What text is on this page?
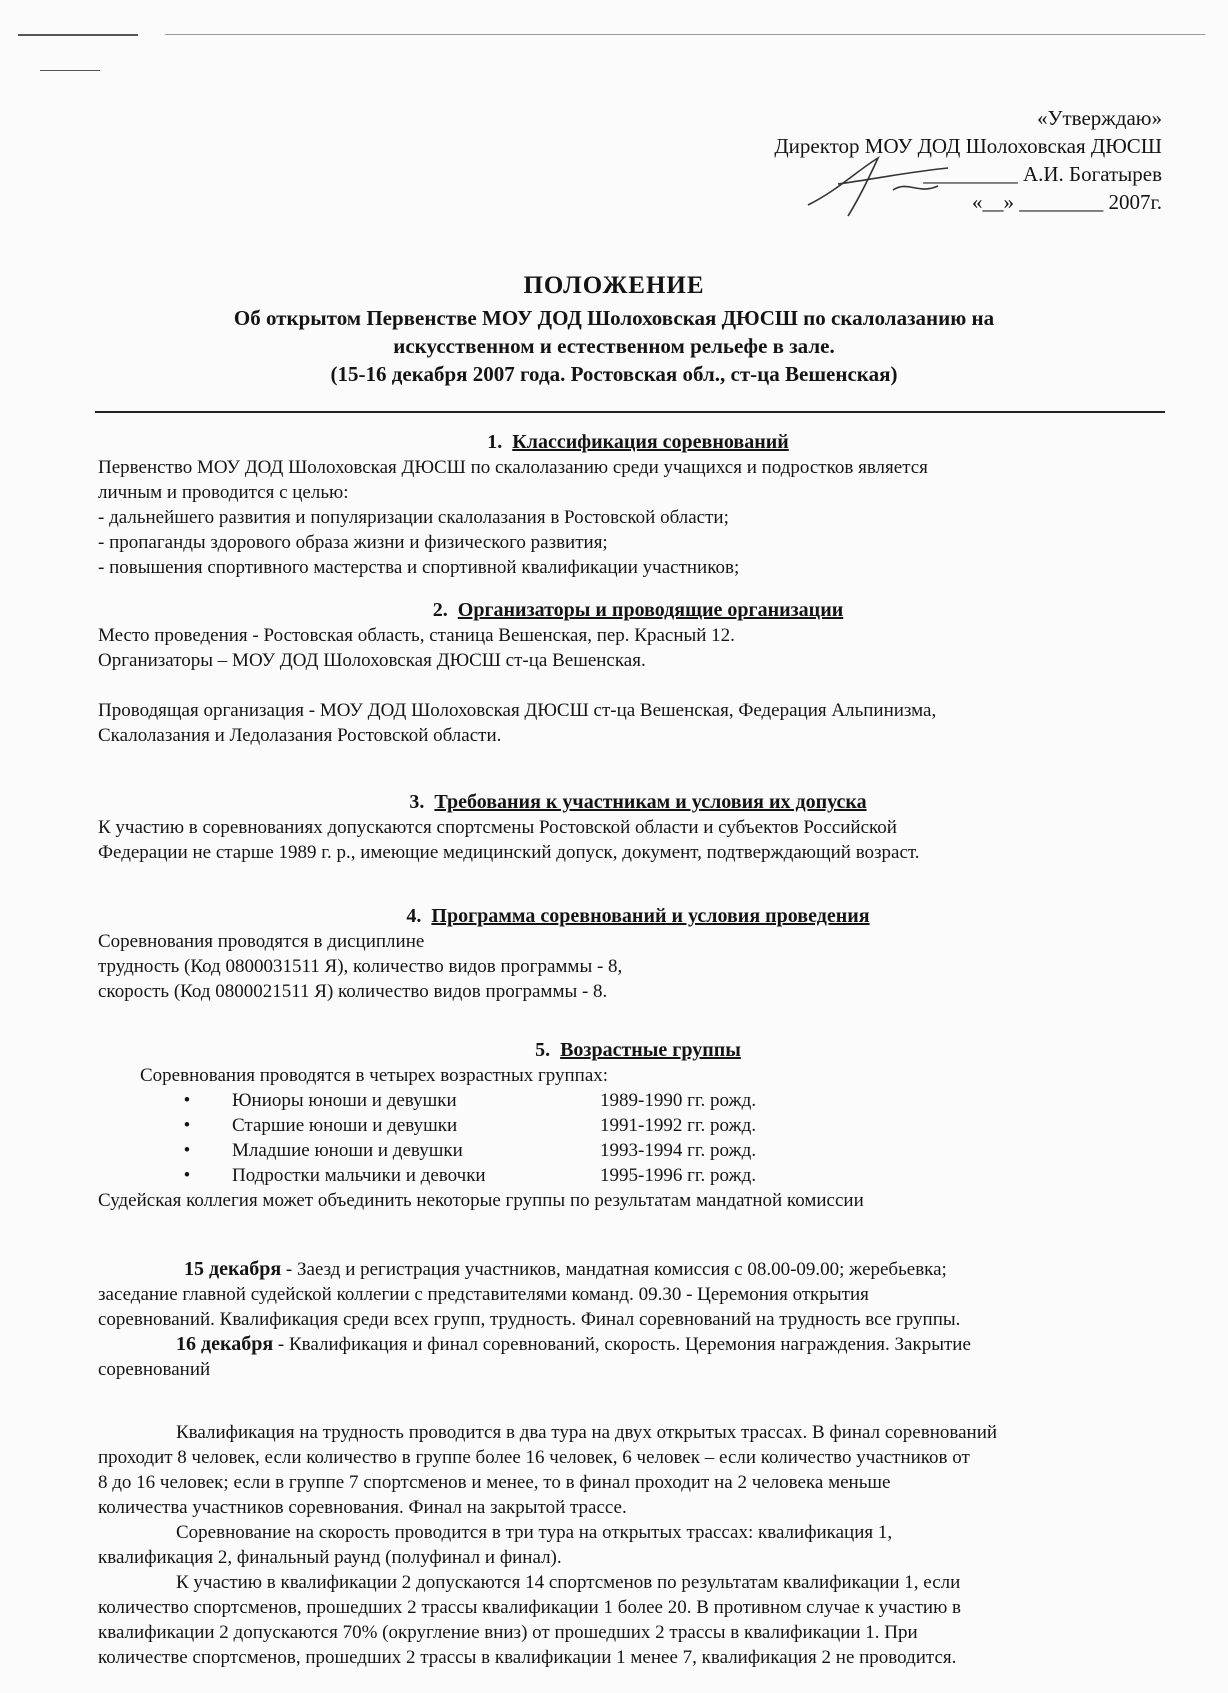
«Утверждаю»
Директор МОУ ДОД Шолоховская ДЮСШ
_________ А.И. Богатырев
«__» ________ 2007г.
ПОЛОЖЕНИЕ
Об открытом Первенстве МОУ ДОД Шолоховская ДЮСШ по скалолазанию на
искусственном и естественном рельефе в зале.
(15-16 декабря 2007 года. Ростовская обл., ст-ца Вешенская)
1. Классификация соревнований

Первенство МОУ ДОД Шолоховская ДЮСШ по скалолазанию среди учащихся и подростков является

личным и проводится с целью:

- дальнейшего развития и популяризации скалолазания в Ростовской области;

- пропаганды здорового образа жизни и физического развития;

- повышения спортивного мастерства и спортивной квалификации участников;

2. Организаторы и проводящие организации

Место проведения - Ростовская область, станица Вешенская, пер. Красный 12.

Организаторы – МОУ ДОД Шолоховская ДЮСШ ст-ца Вешенская.

Проводящая организация - МОУ ДОД Шолоховская ДЮСШ ст-ца Вешенская, Федерация Альпинизма,

Скалолазания и Ледолазания Ростовской области.

3. Требования к участникам и условия их допуска

К участию в соревнованиях допускаются спортсмены Ростовской области и субъектов Российской

Федерации не старше 1989 г. р., имеющие медицинский допуск, документ, подтверждающий возраст.

4. Программа соревнований и условия проведения

Соревнования проводятся в дисциплине

трудность (Код 0800031511 Я), количество видов программы - 8,

скорость (Код 0800021511 Я) количество видов программы - 8.

5. Возрастные группы

Соревнования проводятся в четырех возрастных группах:

• Юниоры юноши и девушки	1989-1990 гг. рожд.
• Старшие юноши и девушки	1991-1992 гг. рожд.
• Младшие юноши и девушки	1993-1994 гг. рожд.
• Подростки мальчики и девочки	1995-1996 гг. рожд.

Судейская коллегия может объединить некоторые группы по результатам мандатной комиссии

15 декабря - Заезд и регистрация участников, мандатная комиссия с 08.00-09.00; жеребьевка;

заседание главной судейской коллегии с представителями команд. 09.30 - Церемония открытия

соревнований. Квалификация среди всех групп, трудность. Финал соревнований на трудность все группы.

16 декабря - Квалификация и финал соревнований, скорость. Церемония награждения. Закрытие

соревнований

Квалификация на трудность проводится в два тура на двух открытых трассах. В финал соревнований

проходит 8 человек, если количество в группе более 16 человек, 6 человек – если количество участников от

8 до 16 человек; если в группе 7 спортсменов и менее, то в финал проходит на 2 человека меньше

количества участников соревнования. Финал на закрытой трассе.

Соревнование на скорость проводится в три тура на открытых трассах: квалификация 1,

квалификация 2, финальный раунд (полуфинал и финал).

К участию в квалификации 2 допускаются 14 спортсменов по результатам квалификации 1, если

количество спортсменов, прошедших 2 трассы квалификации 1 более 20. В противном случае к участию в

квалификации 2 допускаются 70% (округление вниз) от прошедших 2 трассы в квалификации 1. При

количестве спортсменов, прошедших 2 трассы в квалификации 1 менее 7, квалификация 2 не проводится.
